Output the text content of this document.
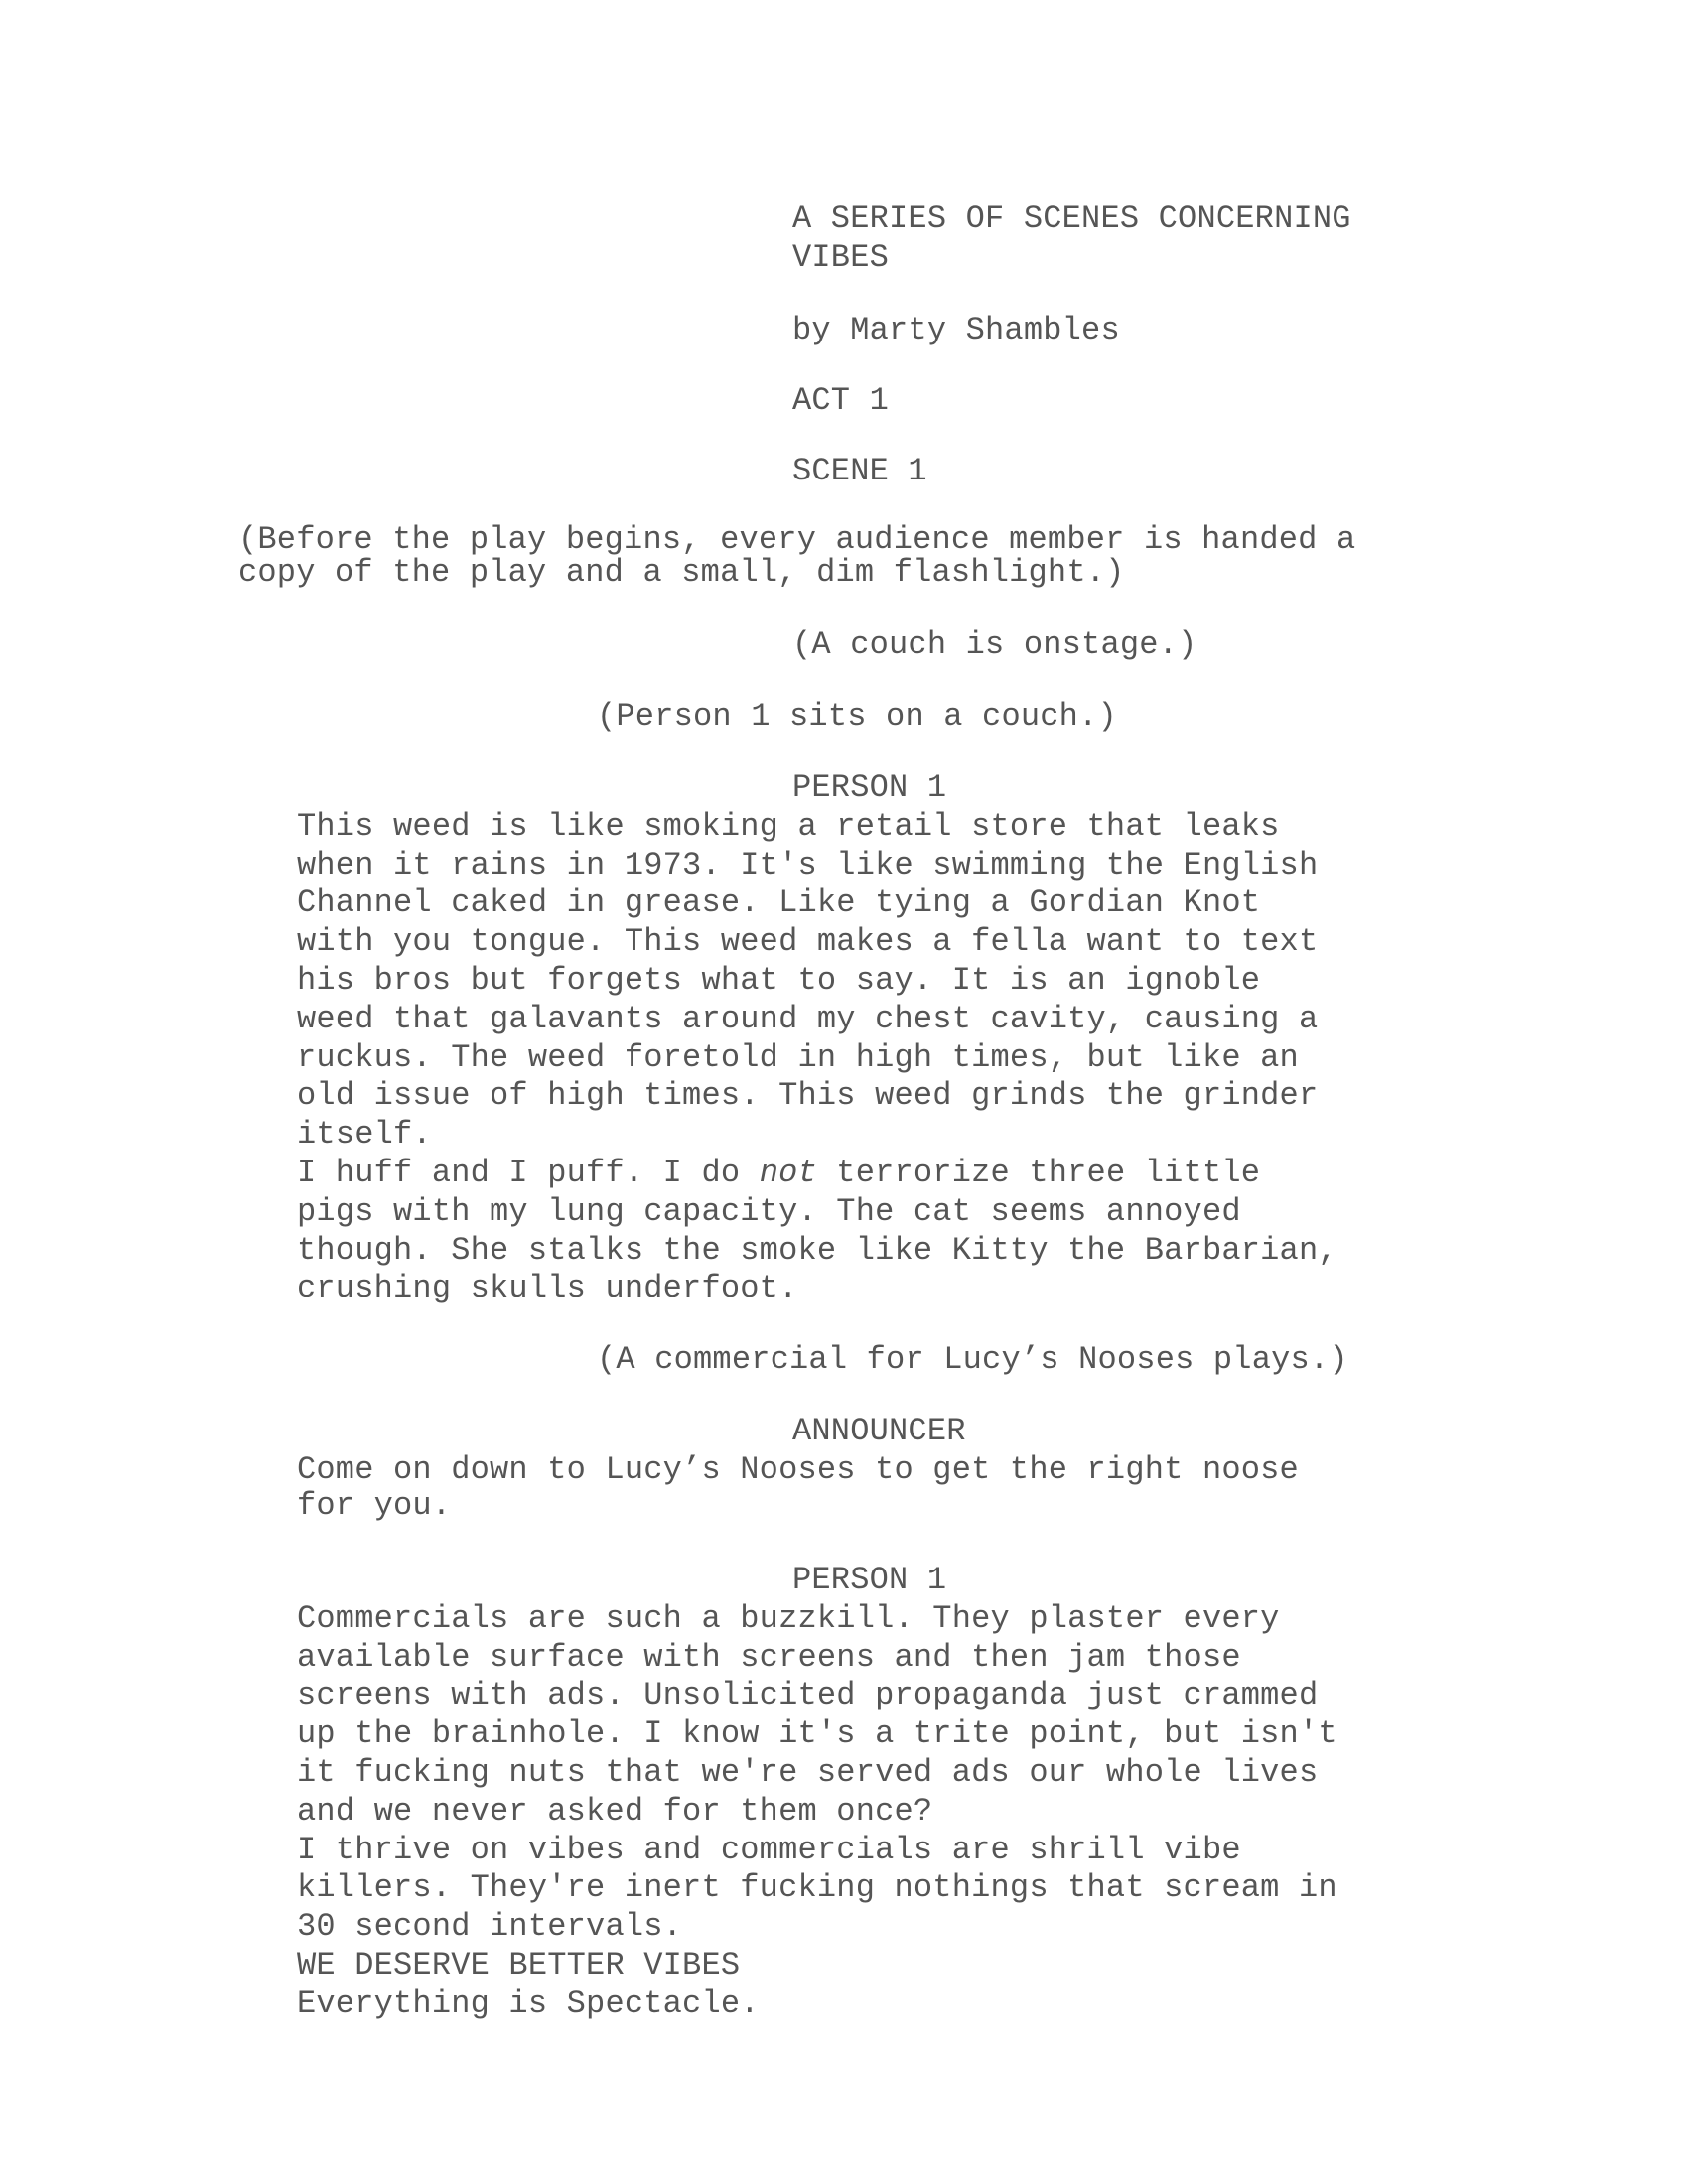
A SERIES OF SCENES CONCERNING

VIBES

by Marty Shambles

ACT 1

SCENE 1

(Before the play begins, every audience member is handed a

copy of the play and a small, dim flashlight.)

(A couch is onstage.)

(Person 1 sits on a couch.)

PERSON 1

This weed is like smoking a retail store that leaks

when it rains in 1973. It's like swimming the English

Channel caked in grease. Like tying a Gordian Knot

with you tongue. This weed makes a fella want to text

his bros but forgets what to say. It is an ignoble

weed that galavants around my chest cavity, causing a

ruckus. The weed foretold in high times, but like an

old issue of high times. This weed grinds the grinder

itself.

I huff and I puff. I do not terrorize three little

pigs with my lung capacity. The cat seems annoyed

though. She stalks the smoke like Kitty the Barbarian,

crushing skulls underfoot.

(A commercial for Lucy’s Nooses plays.)

ANNOUNCER

Come on down to Lucy’s Nooses to get the right noose

for you.

PERSON 1

Commercials are such a buzzkill. They plaster every

available surface with screens and then jam those

screens with ads. Unsolicited propaganda just crammed

up the brainhole. I know it's a trite point, but isn't

it fucking nuts that we're served ads our whole lives

and we never asked for them once?

I thrive on vibes and commercials are shrill vibe

killers. They're inert fucking nothings that scream in

30 second intervals.

WE DESERVE BETTER VIBES

Everything is Spectacle.
